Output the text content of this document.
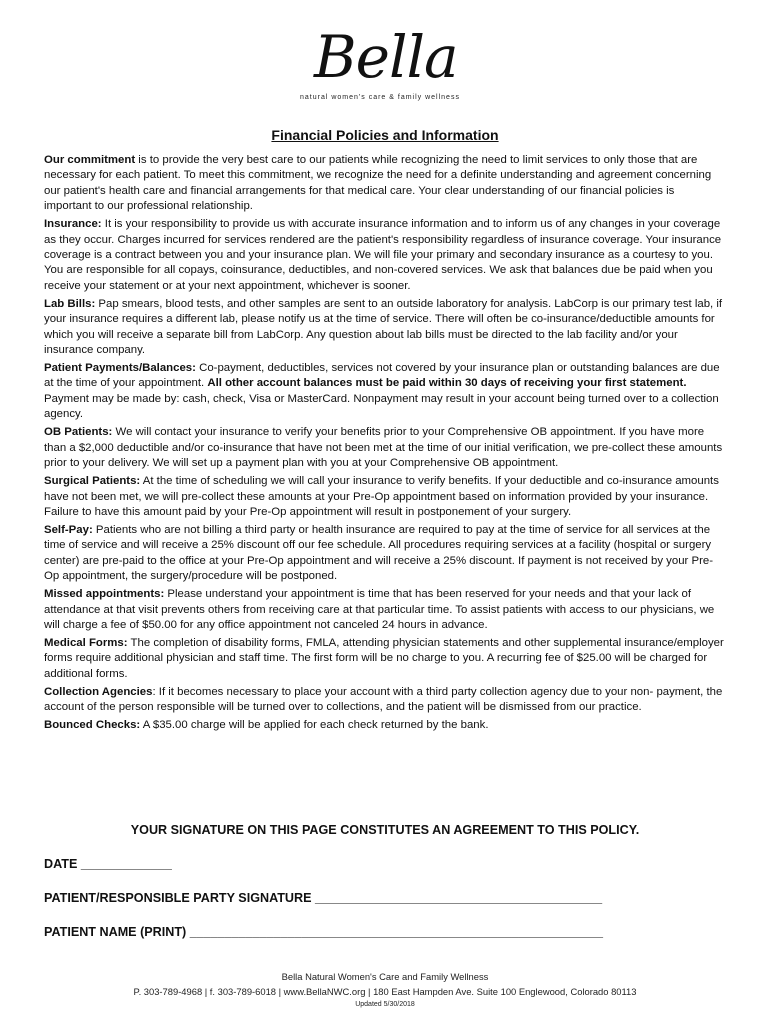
Bella
natural women's care & family wellness
Financial Policies and Information

Our commitment is to provide the very best care to our patients while recognizing the need to limit services to only those that are necessary for each patient. To meet this commitment, we recognize the need for a definite understanding and agreement concerning our patient's health care and financial arrangements for that medical care. Your clear understanding of our financial policies is important to our professional relationship.

Insurance: It is your responsibility to provide us with accurate insurance information and to inform us of any changes in your coverage as they occur. Charges incurred for services rendered are the patient's responsibility regardless of insurance coverage. Your insurance coverage is a contract between you and your insurance plan. We will file your primary and secondary insurance as a courtesy to you. You are responsible for all copays, coinsurance, deductibles, and non-covered services. We ask that balances due be paid when you receive your statement or at your next appointment, whichever is sooner.

Lab Bills: Pap smears, blood tests, and other samples are sent to an outside laboratory for analysis. LabCorp is our primary test lab, if your insurance requires a different lab, please notify us at the time of service. There will often be co-insurance/deductible amounts for which you will receive a separate bill from LabCorp. Any question about lab bills must be directed to the lab facility and/or your insurance company.

Patient Payments/Balances: Co-payment, deductibles, services not covered by your insurance plan or outstanding balances are due at the time of your appointment. All other account balances must be paid within 30 days of receiving your first statement. Payment may be made by: cash, check, Visa or MasterCard. Nonpayment may result in your account being turned over to a collection agency.

OB Patients: We will contact your insurance to verify your benefits prior to your Comprehensive OB appointment. If you have more than a $2,000 deductible and/or co-insurance that have not been met at the time of our initial verification, we pre-collect these amounts prior to your delivery. We will set up a payment plan with you at your Comprehensive OB appointment.

Surgical Patients: At the time of scheduling we will call your insurance to verify benefits. If your deductible and co-insurance amounts have not been met, we will pre-collect these amounts at your Pre-Op appointment based on information provided by your insurance. Failure to have this amount paid by your Pre-Op appointment will result in postponement of your surgery.

Self-Pay: Patients who are not billing a third party or health insurance are required to pay at the time of service for all services at the time of service and will receive a 25% discount off our fee schedule. All procedures requiring services at a facility (hospital or surgery center) are pre-paid to the office at your Pre-Op appointment and will receive a 25% discount. If payment is not received by your Pre-Op appointment, the surgery/procedure will be postponed.

Missed appointments: Please understand your appointment is time that has been reserved for your needs and that your lack of attendance at that visit prevents others from receiving care at that particular time. To assist patients with access to our physicians, we will charge a fee of $50.00 for any office appointment not canceled 24 hours in advance.

Medical Forms: The completion of disability forms, FMLA, attending physician statements and other supplemental insurance/employer forms require additional physician and staff time. The first form will be no charge to you. A recurring fee of $25.00 will be charged for additional forms.

Collection Agencies: If it becomes necessary to place your account with a third party collection agency due to your non- payment, the account of the person responsible will be turned over to collections, and the patient will be dismissed from our practice.

Bounced Checks: A $35.00 charge will be applied for each check returned by the bank.

YOUR SIGNATURE ON THIS PAGE CONSTITUTES AN AGREEMENT TO THIS POLICY.
DATE _____________
PATIENT/RESPONSIBLE PARTY SIGNATURE _________________________________________
PATIENT NAME (PRINT) ___________________________________________________________
Bella Natural Women's Care and Family Wellness
P. 303-789-4968 | f. 303-789-6018 | www.BellaNWC.org | 180 East Hampden Ave. Suite 100 Englewood, Colorado 80113
Updated 5/30/2018
